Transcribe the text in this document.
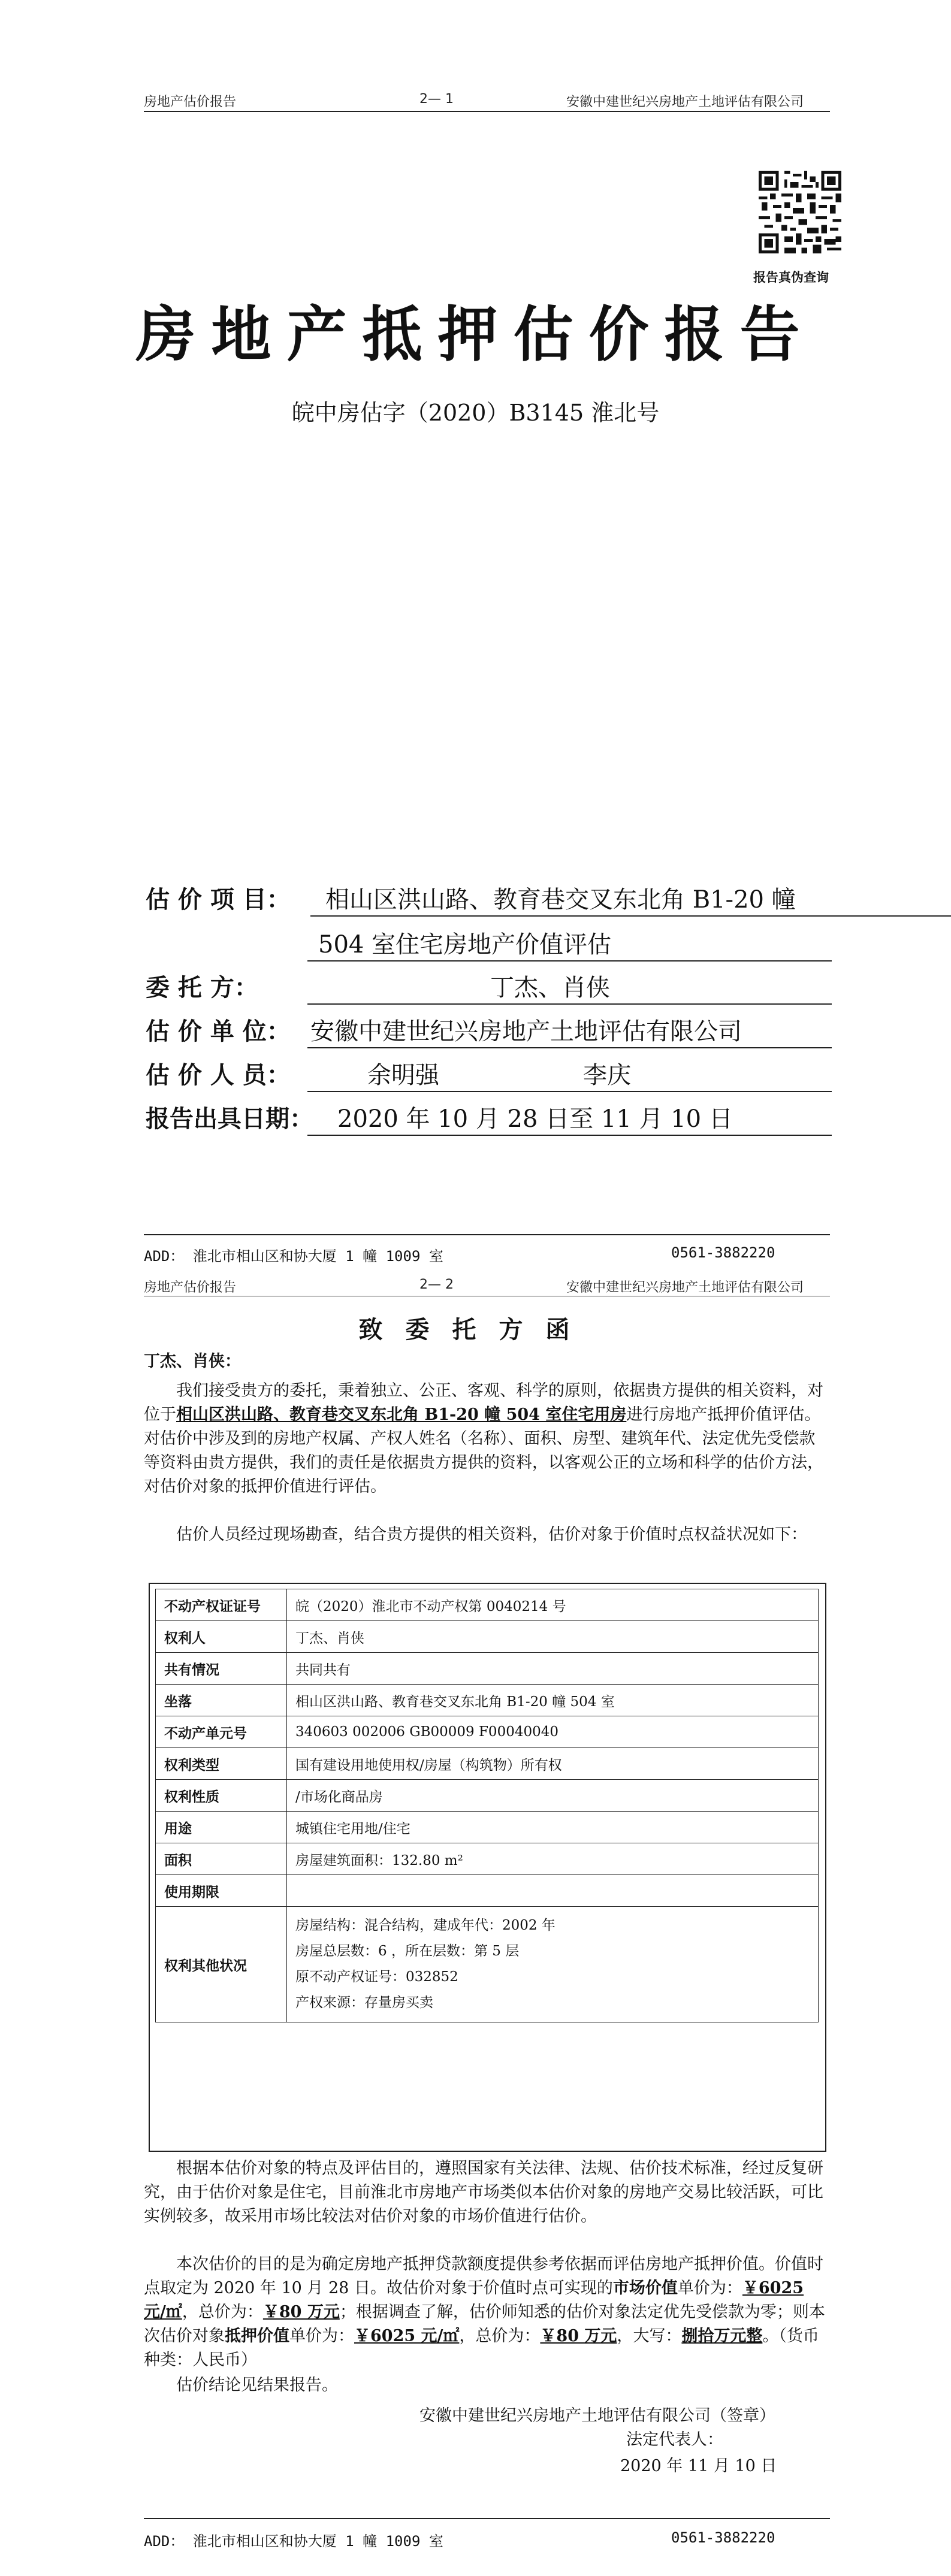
房地产估价报告	2— 1	安徽中建世纪兴房地产土地评估有限公司
报告真伪查询
房地产抵押估价报告
皖中房估字（2020）B3145 淮北号
估 价 项 目： 相山区洪山路、教育巷交叉东北角 B1-20 幢
504 室住宅房地产价值评估
委 托 方：	丁杰、肖侠
估 价 单 位： 安徽中建世纪兴房地产土地评估有限公司
估 价 人 员：	余明强	李庆
报告出具日期： 2020 年 10 月 28 日至 11 月 10 日
ADD： 淮北市相山区和协大厦 1 幢 1009 室	0561-3882220
房地产估价报告	2— 2	安徽中建世纪兴房地产土地评估有限公司
致委托方函
丁杰、肖侠：
我们接受贵方的委托，秉着独立、公正、客观、科学的原则，依据贵方提供的相关资料，对位于相山区洪山路、教育巷交叉东北角 B1-20 幢 504 室住宅用房进行房地产抵押价值评估。对估价中涉及到的房地产权属、产权人姓名（名称）、面积、房型、建筑年代、法定优先受偿款等资料由贵方提供，我们的责任是依据贵方提供的资料，以客观公正的立场和科学的估价方法，对估价对象的抵押价值进行评估。
估价人员经过现场勘查，结合贵方提供的相关资料，估价对象于价值时点权益状况如下：
不动产权证证号	皖（2020）淮北市不动产权第 0040214 号
权利人	丁杰、肖侠
共有情况	共同共有
坐落	相山区洪山路、教育巷交叉东北角 B1-20 幢 504 室
不动产单元号	340603 002006 GB00009 F00040040
权利类型	国有建设用地使用权/房屋（构筑物）所有权
权利性质	/市场化商品房
用途	城镇住宅用地/住宅
面积	房屋建筑面积：132.80 m²
使用期限	
权利其他状况	房屋结构：混合结构，建成年代：2002 年
房屋总层数：6 ，所在层数：第 5 层
原不动产权证号：032852
产权来源：存量房买卖
根据本估价对象的特点及评估目的，遵照国家有关法律、法规、估价技术标准，经过反复研究，由于估价对象是住宅，目前淮北市房地产市场类似本估价对象的房地产交易比较活跃，可比实例较多，故采用市场比较法对估价对象的市场价值进行估价。
本次估价的目的是为确定房地产抵押贷款额度提供参考依据而评估房地产抵押价值。价值时点取定为 2020 年 10 月 28 日。故估价对象于价值时点可实现的市场价值单价为：￥6025 元/㎡，总价为：￥80 万元；根据调查了解，估价师知悉的估价对象法定优先受偿款为零；则本次估价对象抵押价值单价为：￥6025 元/㎡，总价为：￥80 万元，大写：捌拾万元整。（货币种类：人民币）
估价结论见结果报告。
安徽中建世纪兴房地产土地评估有限公司（签章）
法定代表人：
2020 年 11 月 10 日
ADD： 淮北市相山区和协大厦 1 幢 1009 室	0561-3882220
